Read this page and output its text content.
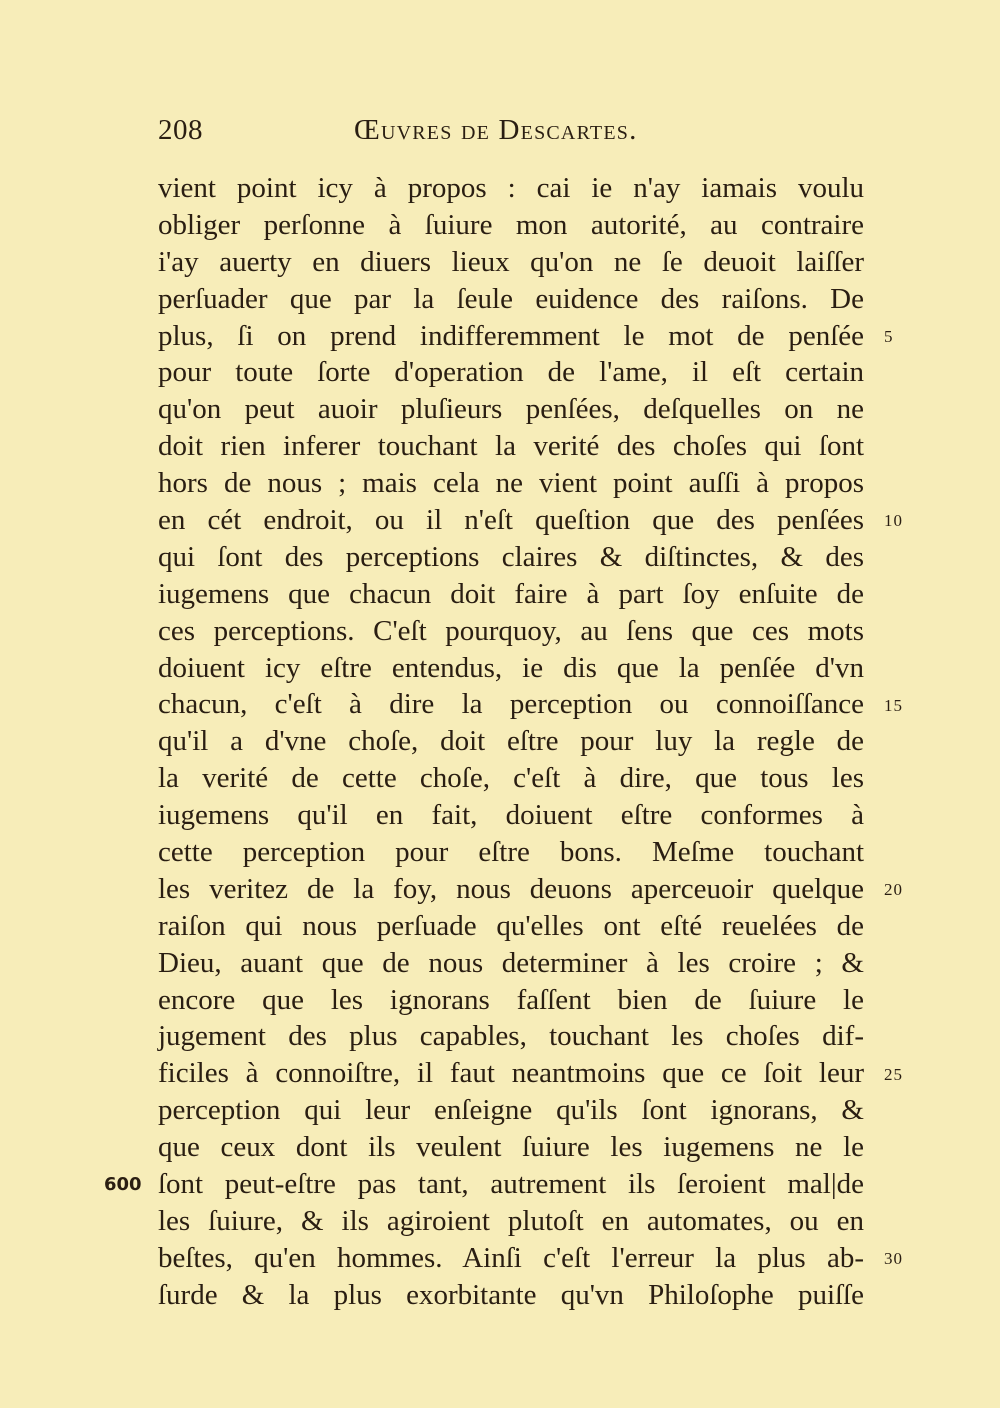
208	Œuvres de Descartes.
vient point icy à propos : cai ie n'ay iamais voulu
obliger perſonne à ſuiure mon autorité, au contraire
i'ay auerty en diuers lieux qu'on ne ſe deuoit laiſſer
perſuader que par la ſeule euidence des raiſons. De
plus, ſi on prend indifferemment le mot de penſée
pour toute ſorte d'operation de l'ame, il eſt certain
qu'on peut auoir pluſieurs penſées, deſquelles on ne
doit rien inferer touchant la verité des choſes qui ſont
hors de nous ; mais cela ne vient point auſſi à propos
en cét endroit, ou il n'eſt queſtion que des penſées
qui ſont des perceptions claires & diſtinctes, & des
iugemens que chacun doit faire à part ſoy enſuite de
ces perceptions. C'eſt pourquoy, au ſens que ces mots
doiuent icy eſtre entendus, ie dis que la penſée d'vn
chacun, c'eſt à dire la perception ou connoiſſance
qu'il a d'vne choſe, doit eſtre pour luy la regle de
la verité de cette choſe, c'eſt à dire, que tous les
iugemens qu'il en fait, doiuent eſtre conformes à
cette perception pour eſtre bons. Meſme touchant
les veritez de la foy, nous deuons aperceuoir quelque
raiſon qui nous perſuade qu'elles ont eſté reuelées de
Dieu, auant que de nous determiner à les croire ; &
encore que les ignorans faſſent bien de ſuiure le
jugement des plus capables, touchant les choſes dif-
ficiles à connoiſtre, il faut neantmoins que ce ſoit leur
perception qui leur enſeigne qu'ils ſont ignorans, &
que ceux dont ils veulent ſuiure les iugemens ne le
ſont peut-eſtre pas tant, autrement ils ſeroient mal|de
les ſuiure, & ils agiroient plutoſt en automates, ou en
beſtes, qu'en hommes. Ainſi c'eſt l'erreur la plus ab-
ſurde & la plus exorbitante qu'vn Philoſophe puiſſe
5
10
15
20
25
30
600
